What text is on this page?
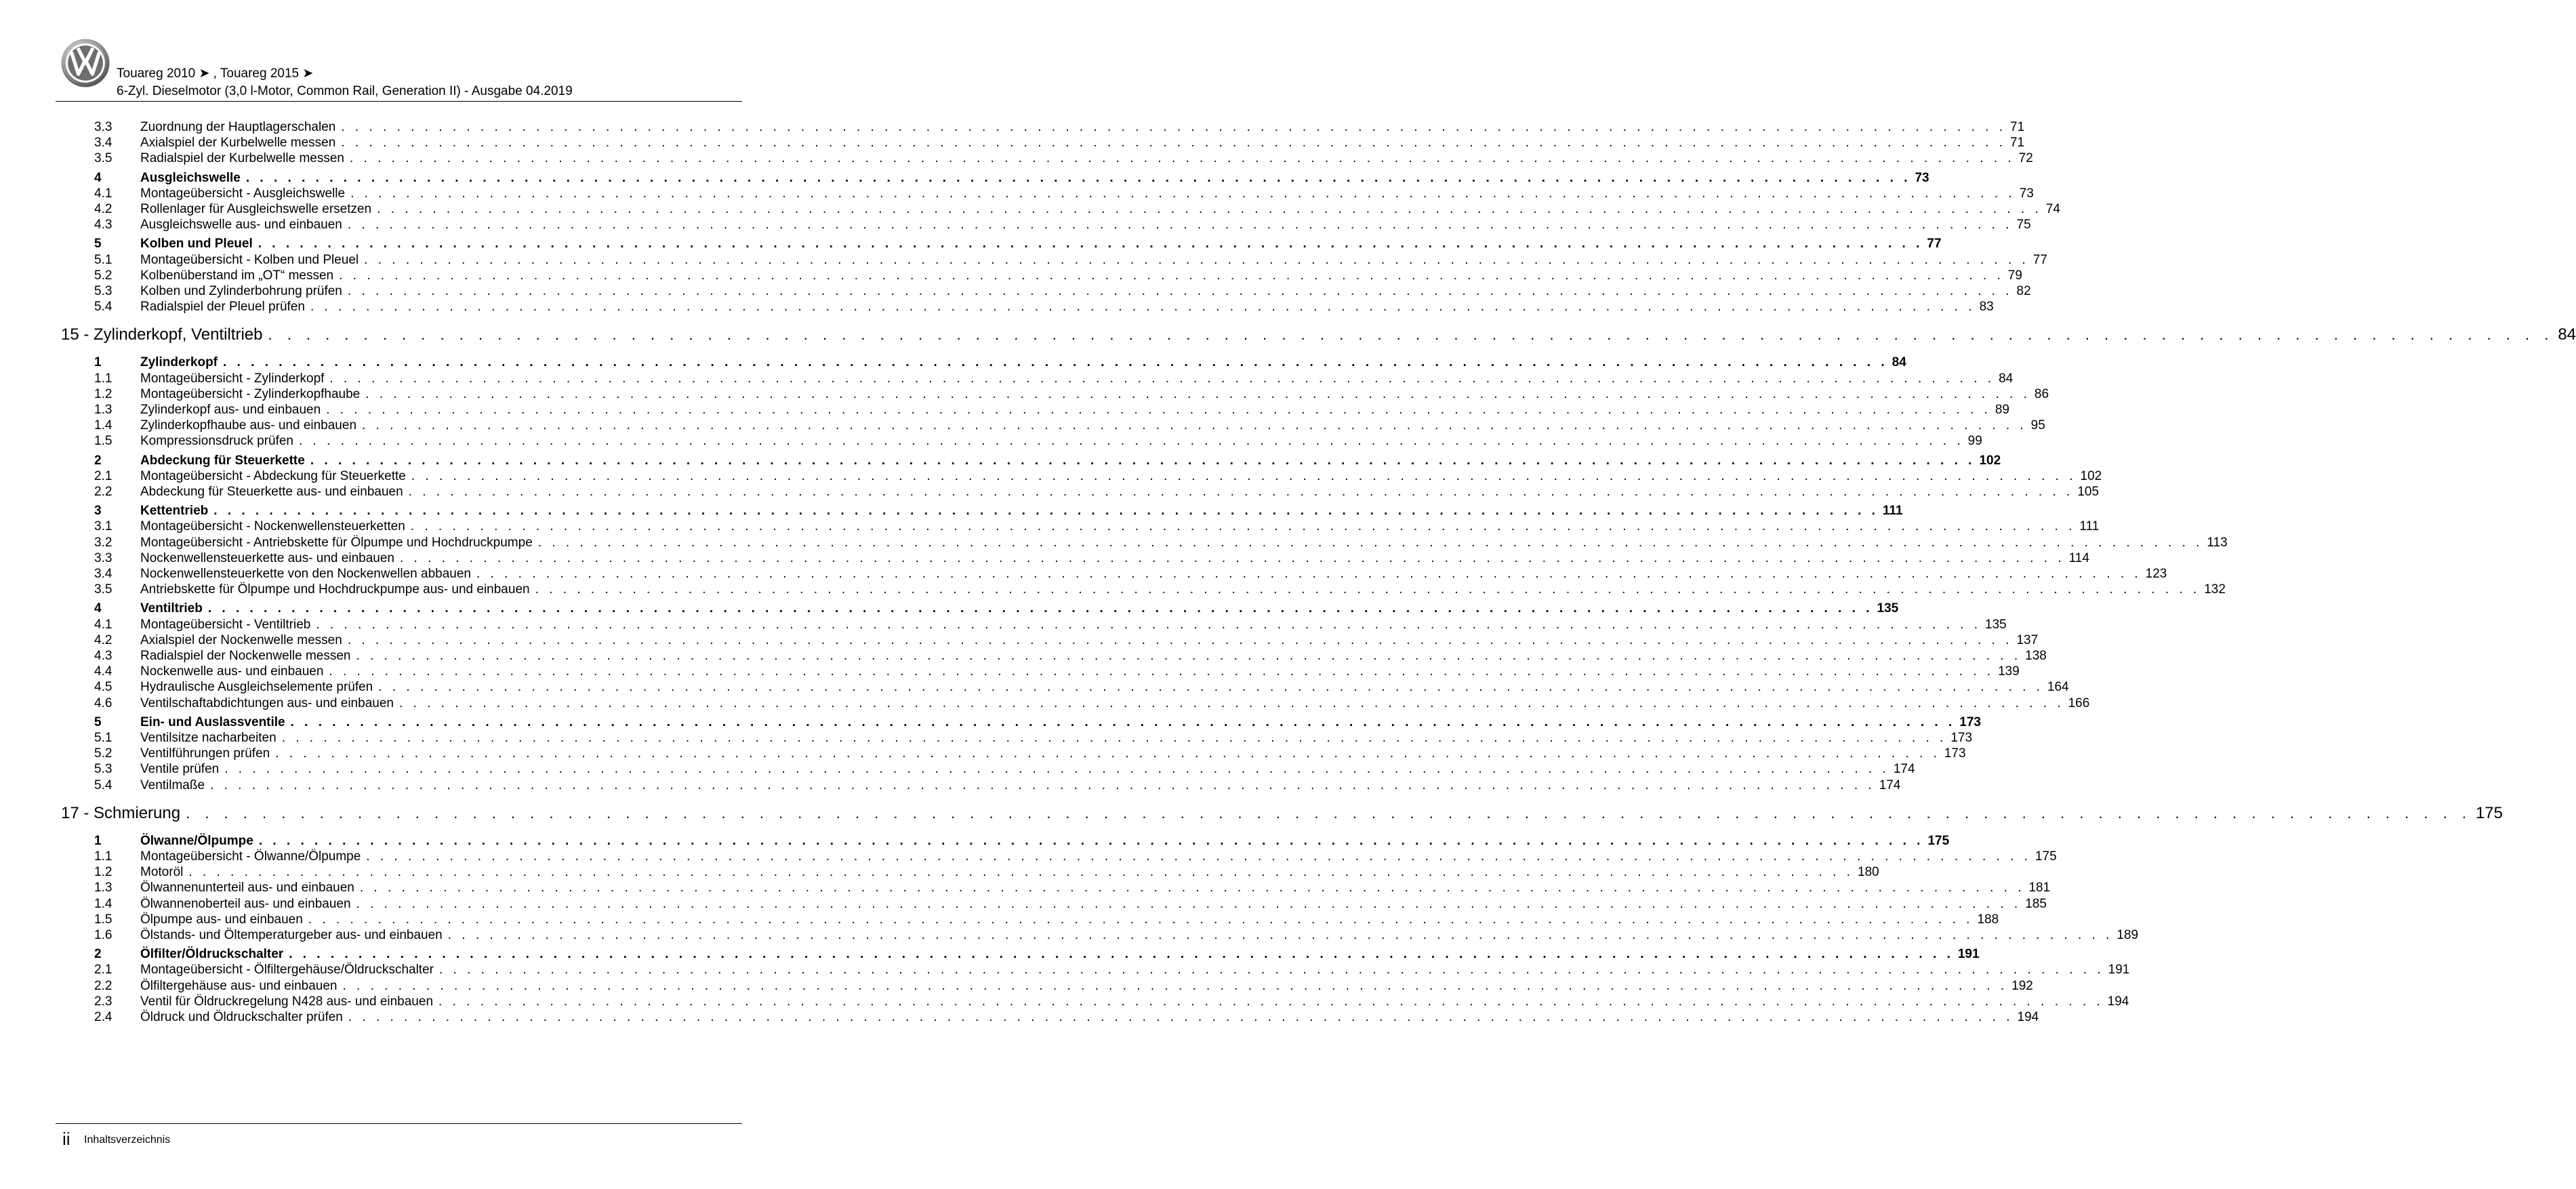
Touareg 2010 ➤ , Touareg 2015 ➤
6-Zyl. Dieselmotor (3,0 l-Motor, Common Rail, Generation II) - Ausgabe 04.2019
3.3 Zuordnung der Hauptlagerschalen . . . . . . . . . . . . . . . . . . . . . . . . . . . . . . . . . . . . . . . . . . . . . . . . . . . . . . . . . . . . . . . . . . . . . . . . . . . . . . . . . . . . . . . . . . . . . . . . . . . . . . . . . . . . . . . . . . . . . . . . 71
3.4 Axialspiel der Kurbelwelle messen . . . . . . . . . . . . . . . . . . . . . . . . . . . . . . . . . . . . . . . . . . . . . . . . . . . . . . . . . . . . . . . . . . . . . . . . . . . . . . . . . . . . . . . . . . . . . . . . . . . . . . . . . . . . . . . . . . . . . . . . 71
3.5 Radialspiel der Kurbelwelle messen . . . . . . . . . . . . . . . . . . . . . . . . . . . . . . . . . . . . . . . . . . . . . . . . . . . . . . . . . . . . . . . . . . . . . . . . . . . . . . . . . . . . . . . . . . . . . . . . . . . . . . . . . . . . . . . . . . . . . . . . 72
4	Ausgleichswelle . . . . . . . . . . . . . . . . . . . . . . . . . . . . . . . . . . . . . . . . . . . . . . . . . . . . . . . . . . . . . . . . . . . . . . . . . . . . . . . . . . . . . . . . . . . . . . . . . . . . . . . . . . . . . . . . . . . . . . . . 73
4.1 Montageübersicht - Ausgleichswelle . . . . . . . . . . . . . . . . . . . . . . . . . . . . . . . . . . . . . . . . . . . . . . . . . . . . . . . . . . . . . . . . . . . . . . . . . . . . . . . . . . . . . . . . . . . . . . . . . . . . . . . . . . . . . . . . . . . . . . . . 73
4.2 Rollenlager für Ausgleichswelle ersetzen . . . . . . . . . . . . . . . . . . . . . . . . . . . . . . . . . . . . . . . . . . . . . . . . . . . . . . . . . . . . . . . . . . . . . . . . . . . . . . . . . . . . . . . . . . . . . . . . . . . . . . . . . . . . . . . . . . . . . . . . 74
4.3 Ausgleichswelle aus- und einbauen . . . . . . . . . . . . . . . . . . . . . . . . . . . . . . . . . . . . . . . . . . . . . . . . . . . . . . . . . . . . . . . . . . . . . . . . . . . . . . . . . . . . . . . . . . . . . . . . . . . . . . . . . . . . . . . . . . . . . . . . 75
5	Kolben und Pleuel . . . . . . . . . . . . . . . . . . . . . . . . . . . . . . . . . . . . . . . . . . . . . . . . . . . . . . . . . . . . . . . . . . . . . . . . . . . . . . . . . . . . . . . . . . . . . . . . . . . . . . . . . . . . . . . . . . . . . . . . 77
5.1 Montageübersicht - Kolben und Pleuel . . . . . . . . . . . . . . . . . . . . . . . . . . . . . . . . . . . . . . . . . . . . . . . . . . . . . . . . . . . . . . . . . . . . . . . . . . . . . . . . . . . . . . . . . . . . . . . . . . . . . . . . . . . . . . . . . . . . . . . . 77
5.2 Kolbenüberstand im „OT“ messen . . . . . . . . . . . . . . . . . . . . . . . . . . . . . . . . . . . . . . . . . . . . . . . . . . . . . . . . . . . . . . . . . . . . . . . . . . . . . . . . . . . . . . . . . . . . . . . . . . . . . . . . . . . . . . . . . . . . . . . . 79
5.3 Kolben und Zylinderbohrung prüfen . . . . . . . . . . . . . . . . . . . . . . . . . . . . . . . . . . . . . . . . . . . . . . . . . . . . . . . . . . . . . . . . . . . . . . . . . . . . . . . . . . . . . . . . . . . . . . . . . . . . . . . . . . . . . . . . . . . . . . . . 82
5.4 Radialspiel der Pleuel prüfen . . . . . . . . . . . . . . . . . . . . . . . . . . . . . . . . . . . . . . . . . . . . . . . . . . . . . . . . . . . . . . . . . . . . . . . . . . . . . . . . . . . . . . . . . . . . . . . . . . . . . . . . . . . . . . . . . . . . . . . . 83
15 - Zylinderkopf, Ventiltrieb . . . . . . . . . . . . . . . . . . . . . . . . . . . . . . . . . . . . . . . . . . . . . . . . . . . . . . . . . . . . . . . . . . . . . . . . . . . . . . . . . . . . . . . . . . . . . . . . . . . . . . . . . . . . . . . . . . . . . . . . 84
1	Zylinderkopf . . . . . . . . . . . . . . . . . . . . . . . . . . . . . . . . . . . . . . . . . . . . . . . . . . . . . . . . . . . . . . . . . . . . . . . . . . . . . . . . . . . . . . . . . . . . . . . . . . . . . . . . . . . . . . . . . . . . . . . . 84
1.1 Montageübersicht - Zylinderkopf . . . . . . . . . . . . . . . . . . . . . . . . . . . . . . . . . . . . . . . . . . . . . . . . . . . . . . . . . . . . . . . . . . . . . . . . . . . . . . . . . . . . . . . . . . . . . . . . . . . . . . . . . . . . . . . . . . . . . . . . 84
1.2 Montageübersicht - Zylinderkopfhaube . . . . . . . . . . . . . . . . . . . . . . . . . . . . . . . . . . . . . . . . . . . . . . . . . . . . . . . . . . . . . . . . . . . . . . . . . . . . . . . . . . . . . . . . . . . . . . . . . . . . . . . . . . . . . . . . . . . . . . . . 86
1.3 Zylinderkopf aus- und einbauen . . . . . . . . . . . . . . . . . . . . . . . . . . . . . . . . . . . . . . . . . . . . . . . . . . . . . . . . . . . . . . . . . . . . . . . . . . . . . . . . . . . . . . . . . . . . . . . . . . . . . . . . . . . . . . . . . . . . . . . . 89
1.4 Zylinderkopfhaube aus- und einbauen . . . . . . . . . . . . . . . . . . . . . . . . . . . . . . . . . . . . . . . . . . . . . . . . . . . . . . . . . . . . . . . . . . . . . . . . . . . . . . . . . . . . . . . . . . . . . . . . . . . . . . . . . . . . . . . . . . . . . . . . 95
1.5 Kompressionsdruck prüfen . . . . . . . . . . . . . . . . . . . . . . . . . . . . . . . . . . . . . . . . . . . . . . . . . . . . . . . . . . . . . . . . . . . . . . . . . . . . . . . . . . . . . . . . . . . . . . . . . . . . . . . . . . . . . . . . . . . . . . . . 99
2	Abdeckung für Steuerkette . . . . . . . . . . . . . . . . . . . . . . . . . . . . . . . . . . . . . . . . . . . . . . . . . . . . . . . . . . . . . . . . . . . . . . . . . . . . . . . . . . . . . . . . . . . . . . . . . . . . . . . . . . . . . . . . . . . . . . . . 102
2.1 Montageübersicht - Abdeckung für Steuerkette . . . . . . . . . . . . . . . . . . . . . . . . . . . . . . . . . . . . . . . . . . . . . . . . . . . . . . . . . . . . . . . . . . . . . . . . . . . . . . . . . . . . . . . . . . . . . . . . . . . . . . . . . . . . . . . . . . . . . . . . 102
2.2 Abdeckung für Steuerkette aus- und einbauen . . . . . . . . . . . . . . . . . . . . . . . . . . . . . . . . . . . . . . . . . . . . . . . . . . . . . . . . . . . . . . . . . . . . . . . . . . . . . . . . . . . . . . . . . . . . . . . . . . . . . . . . . . . . . . . . . . . . . . . . 105
3	Kettentrieb . . . . . . . . . . . . . . . . . . . . . . . . . . . . . . . . . . . . . . . . . . . . . . . . . . . . . . . . . . . . . . . . . . . . . . . . . . . . . . . . . . . . . . . . . . . . . . . . . . . . . . . . . . . . . . . . . . . . . . . . 111
3.1 Montageübersicht - Nockenwellensteuerketten . . . . . . . . . . . . . . . . . . . . . . . . . . . . . . . . . . . . . . . . . . . . . . . . . . . . . . . . . . . . . . . . . . . . . . . . . . . . . . . . . . . . . . . . . . . . . . . . . . . . . . . . . . . . . . . . . . . . . . . . 111
3.2 Montageübersicht - Antriebskette für Ölpumpe und Hochdruckpumpe . . . . . . . . . . . . . . . . . . . . . . . . . . . . . . . . . . . . . . . . . . . . . . . . . . . . . . . . . . . . . . . . . . . . . . . . . . . . . . . . . . . . . . . . . . . . . . . . . . . . . . . . . . . . . . . . . . . . . . . . 113
3.3 Nockenwellensteuerkette aus- und einbauen . . . . . . . . . . . . . . . . . . . . . . . . . . . . . . . . . . . . . . . . . . . . . . . . . . . . . . . . . . . . . . . . . . . . . . . . . . . . . . . . . . . . . . . . . . . . . . . . . . . . . . . . . . . . . . . . . . . . . . . . 114
3.4 Nockenwellensteuerkette von den Nockenwellen abbauen . . . . . . . . . . . . . . . . . . . . . . . . . . . . . . . . . . . . . . . . . . . . . . . . . . . . . . . . . . . . . . . . . . . . . . . . . . . . . . . . . . . . . . . . . . . . . . . . . . . . . . . . . . . . . . . . . . . . . . . . 123
3.5 Antriebskette für Ölpumpe und Hochdruckpumpe aus- und einbauen . . . . . . . . . . . . . . . . . . . . . . . . . . . . . . . . . . . . . . . . . . . . . . . . . . . . . . . . . . . . . . . . . . . . . . . . . . . . . . . . . . . . . . . . . . . . . . . . . . . . . . . . . . . . . . . . . . . . . . . . 132
4	Ventiltrieb . . . . . . . . . . . . . . . . . . . . . . . . . . . . . . . . . . . . . . . . . . . . . . . . . . . . . . . . . . . . . . . . . . . . . . . . . . . . . . . . . . . . . . . . . . . . . . . . . . . . . . . . . . . . . . . . . . . . . . . . 135
4.1 Montageübersicht - Ventiltrieb . . . . . . . . . . . . . . . . . . . . . . . . . . . . . . . . . . . . . . . . . . . . . . . . . . . . . . . . . . . . . . . . . . . . . . . . . . . . . . . . . . . . . . . . . . . . . . . . . . . . . . . . . . . . . . . . . . . . . . . . 135
4.2 Axialspiel der Nockenwelle messen . . . . . . . . . . . . . . . . . . . . . . . . . . . . . . . . . . . . . . . . . . . . . . . . . . . . . . . . . . . . . . . . . . . . . . . . . . . . . . . . . . . . . . . . . . . . . . . . . . . . . . . . . . . . . . . . . . . . . . . . 137
4.3 Radialspiel der Nockenwelle messen . . . . . . . . . . . . . . . . . . . . . . . . . . . . . . . . . . . . . . . . . . . . . . . . . . . . . . . . . . . . . . . . . . . . . . . . . . . . . . . . . . . . . . . . . . . . . . . . . . . . . . . . . . . . . . . . . . . . . . . . 138
4.4 Nockenwelle aus- und einbauen . . . . . . . . . . . . . . . . . . . . . . . . . . . . . . . . . . . . . . . . . . . . . . . . . . . . . . . . . . . . . . . . . . . . . . . . . . . . . . . . . . . . . . . . . . . . . . . . . . . . . . . . . . . . . . . . . . . . . . . . 139
4.5 Hydraulische Ausgleichselemente prüfen . . . . . . . . . . . . . . . . . . . . . . . . . . . . . . . . . . . . . . . . . . . . . . . . . . . . . . . . . . . . . . . . . . . . . . . . . . . . . . . . . . . . . . . . . . . . . . . . . . . . . . . . . . . . . . . . . . . . . . . . 164
4.6 Ventilschaftabdichtungen aus- und einbauen . . . . . . . . . . . . . . . . . . . . . . . . . . . . . . . . . . . . . . . . . . . . . . . . . . . . . . . . . . . . . . . . . . . . . . . . . . . . . . . . . . . . . . . . . . . . . . . . . . . . . . . . . . . . . . . . . . . . . . . . 166
5	Ein- und Auslassventile . . . . . . . . . . . . . . . . . . . . . . . . . . . . . . . . . . . . . . . . . . . . . . . . . . . . . . . . . . . . . . . . . . . . . . . . . . . . . . . . . . . . . . . . . . . . . . . . . . . . . . . . . . . . . . . . . . . . . . . . 173
5.1 Ventilsitze nacharbeiten . . . . . . . . . . . . . . . . . . . . . . . . . . . . . . . . . . . . . . . . . . . . . . . . . . . . . . . . . . . . . . . . . . . . . . . . . . . . . . . . . . . . . . . . . . . . . . . . . . . . . . . . . . . . . . . . . . . . . . . . 173
5.2 Ventilführungen prüfen . . . . . . . . . . . . . . . . . . . . . . . . . . . . . . . . . . . . . . . . . . . . . . . . . . . . . . . . . . . . . . . . . . . . . . . . . . . . . . . . . . . . . . . . . . . . . . . . . . . . . . . . . . . . . . . . . . . . . . . . 173
5.3 Ventile prüfen . . . . . . . . . . . . . . . . . . . . . . . . . . . . . . . . . . . . . . . . . . . . . . . . . . . . . . . . . . . . . . . . . . . . . . . . . . . . . . . . . . . . . . . . . . . . . . . . . . . . . . . . . . . . . . . . . . . . . . . . 174
5.4 Ventilmaße . . . . . . . . . . . . . . . . . . . . . . . . . . . . . . . . . . . . . . . . . . . . . . . . . . . . . . . . . . . . . . . . . . . . . . . . . . . . . . . . . . . . . . . . . . . . . . . . . . . . . . . . . . . . . . . . . . . . . . . . 174
17 - Schmierung . . . . . . . . . . . . . . . . . . . . . . . . . . . . . . . . . . . . . . . . . . . . . . . . . . . . . . . . . . . . . . . . . . . . . . . . . . . . . . . . . . . . . . . . . . . . . . . . . . . . . . . . . . . . . . . . . . . . . . . . 175
1	Ölwanne/Ölpumpe . . . . . . . . . . . . . . . . . . . . . . . . . . . . . . . . . . . . . . . . . . . . . . . . . . . . . . . . . . . . . . . . . . . . . . . . . . . . . . . . . . . . . . . . . . . . . . . . . . . . . . . . . . . . . . . . . . . . . . . . 175
1.1 Montageübersicht - Ölwanne/Ölpumpe . . . . . . . . . . . . . . . . . . . . . . . . . . . . . . . . . . . . . . . . . . . . . . . . . . . . . . . . . . . . . . . . . . . . . . . . . . . . . . . . . . . . . . . . . . . . . . . . . . . . . . . . . . . . . . . . . . . . . . . . 175
1.2 Motoröl . . . . . . . . . . . . . . . . . . . . . . . . . . . . . . . . . . . . . . . . . . . . . . . . . . . . . . . . . . . . . . . . . . . . . . . . . . . . . . . . . . . . . . . . . . . . . . . . . . . . . . . . . . . . . . . . . . . . . . . . 180
1.3 Ölwannenunterteil aus- und einbauen . . . . . . . . . . . . . . . . . . . . . . . . . . . . . . . . . . . . . . . . . . . . . . . . . . . . . . . . . . . . . . . . . . . . . . . . . . . . . . . . . . . . . . . . . . . . . . . . . . . . . . . . . . . . . . . . . . . . . . . . 181
1.4 Ölwannenoberteil aus- und einbauen . . . . . . . . . . . . . . . . . . . . . . . . . . . . . . . . . . . . . . . . . . . . . . . . . . . . . . . . . . . . . . . . . . . . . . . . . . . . . . . . . . . . . . . . . . . . . . . . . . . . . . . . . . . . . . . . . . . . . . . . 185
1.5 Ölpumpe aus- und einbauen . . . . . . . . . . . . . . . . . . . . . . . . . . . . . . . . . . . . . . . . . . . . . . . . . . . . . . . . . . . . . . . . . . . . . . . . . . . . . . . . . . . . . . . . . . . . . . . . . . . . . . . . . . . . . . . . . . . . . . . . 188
1.6 Ölstands- und Öltemperaturgeber aus- und einbauen . . . . . . . . . . . . . . . . . . . . . . . . . . . . . . . . . . . . . . . . . . . . . . . . . . . . . . . . . . . . . . . . . . . . . . . . . . . . . . . . . . . . . . . . . . . . . . . . . . . . . . . . . . . . . . . . . . . . . . . . 189
2	Ölfilter/Öldruckschalter . . . . . . . . . . . . . . . . . . . . . . . . . . . . . . . . . . . . . . . . . . . . . . . . . . . . . . . . . . . . . . . . . . . . . . . . . . . . . . . . . . . . . . . . . . . . . . . . . . . . . . . . . . . . . . . . . . . . . . . . 191
2.1 Montageübersicht - Ölfiltergehäuse/Öldruckschalter . . . . . . . . . . . . . . . . . . . . . . . . . . . . . . . . . . . . . . . . . . . . . . . . . . . . . . . . . . . . . . . . . . . . . . . . . . . . . . . . . . . . . . . . . . . . . . . . . . . . . . . . . . . . . . . . . . . . . . . . 191
2.2 Ölfiltergehäuse aus- und einbauen . . . . . . . . . . . . . . . . . . . . . . . . . . . . . . . . . . . . . . . . . . . . . . . . . . . . . . . . . . . . . . . . . . . . . . . . . . . . . . . . . . . . . . . . . . . . . . . . . . . . . . . . . . . . . . . . . . . . . . . . 192
2.3 Ventil für Öldruckregelung N428 aus- und einbauen . . . . . . . . . . . . . . . . . . . . . . . . . . . . . . . . . . . . . . . . . . . . . . . . . . . . . . . . . . . . . . . . . . . . . . . . . . . . . . . . . . . . . . . . . . . . . . . . . . . . . . . . . . . . . . . . . . . . . . . . 194
2.4 Öldruck und Öldruckschalter prüfen . . . . . . . . . . . . . . . . . . . . . . . . . . . . . . . . . . . . . . . . . . . . . . . . . . . . . . . . . . . . . . . . . . . . . . . . . . . . . . . . . . . . . . . . . . . . . . . . . . . . . . . . . . . . . . . . . . . . . . . . 194
ii Inhaltsverzeichnis
